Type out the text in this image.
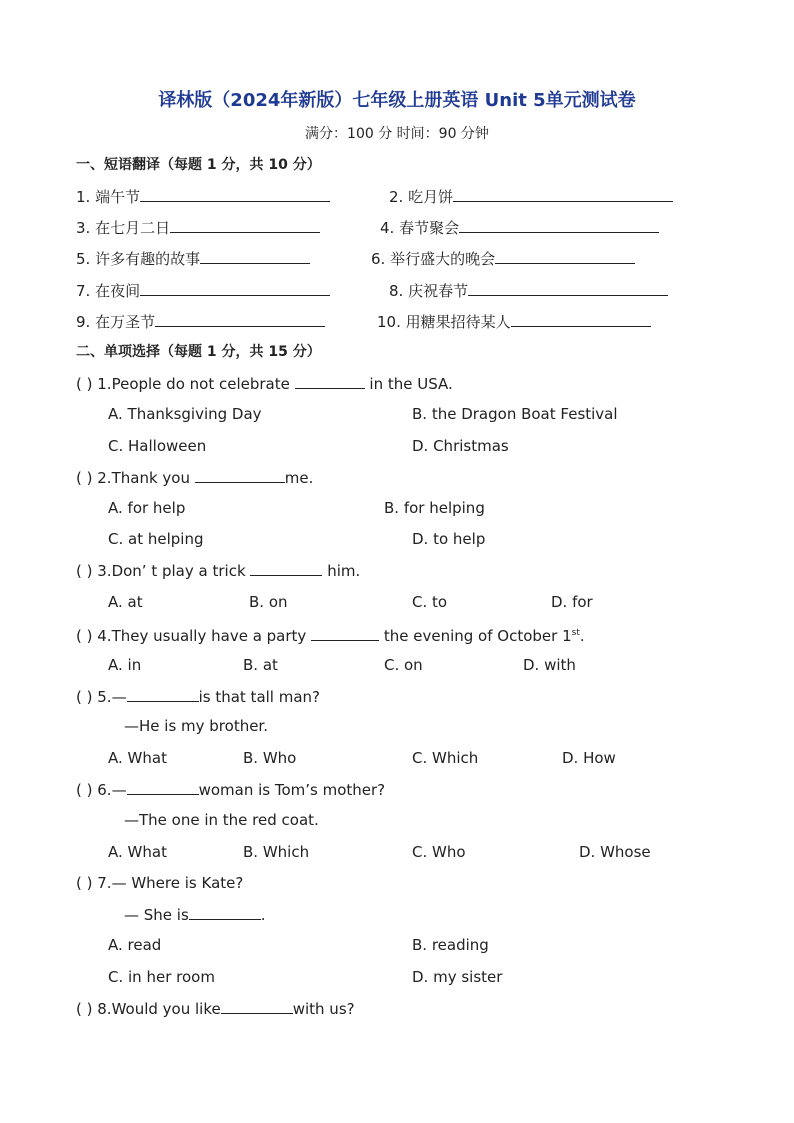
译林版（2024年新版）七年级上册英语 Unit 5单元测试卷
满分：100 分 时间：90 分钟
一、短语翻译（每题 1 分，共 10 分）
1. 端午节	2. 吃月饼
3. 在七月二日	4. 春节聚会
5. 许多有趣的故事	6. 举行盛大的晚会
7. 在夜间	8. 庆祝春节
9. 在万圣节	10. 用糖果招待某人
二、单项选择（每题 1 分，共 15 分）
( ) 1.People do not celebrate	in the USA.
A. Thanksgiving Day	B. the Dragon Boat Festival
C. Halloween	D. Christmas
( ) 2.Thank you	me.
A. for help	B. for helping
C. at helping	D. to help
( ) 3.Don’ t play a trick	him.
A. at	B. on	C. to	D. for
( ) 4.They usually have a party	the evening of October 1st.
A. in	B. at	C. on	D. with
( ) 5.—	is that tall man?
—He is my brother.
A. What	B. Who	C. Which	D. How
( ) 6.—	woman is Tom’s mother?
—The one in the red coat.
A. What	B. Which	C. Who	D. Whose
( ) 7.— Where is Kate?
— She is	.
A. read	B. reading
C. in her room	D. my sister
( ) 8.Would you like	with us?
